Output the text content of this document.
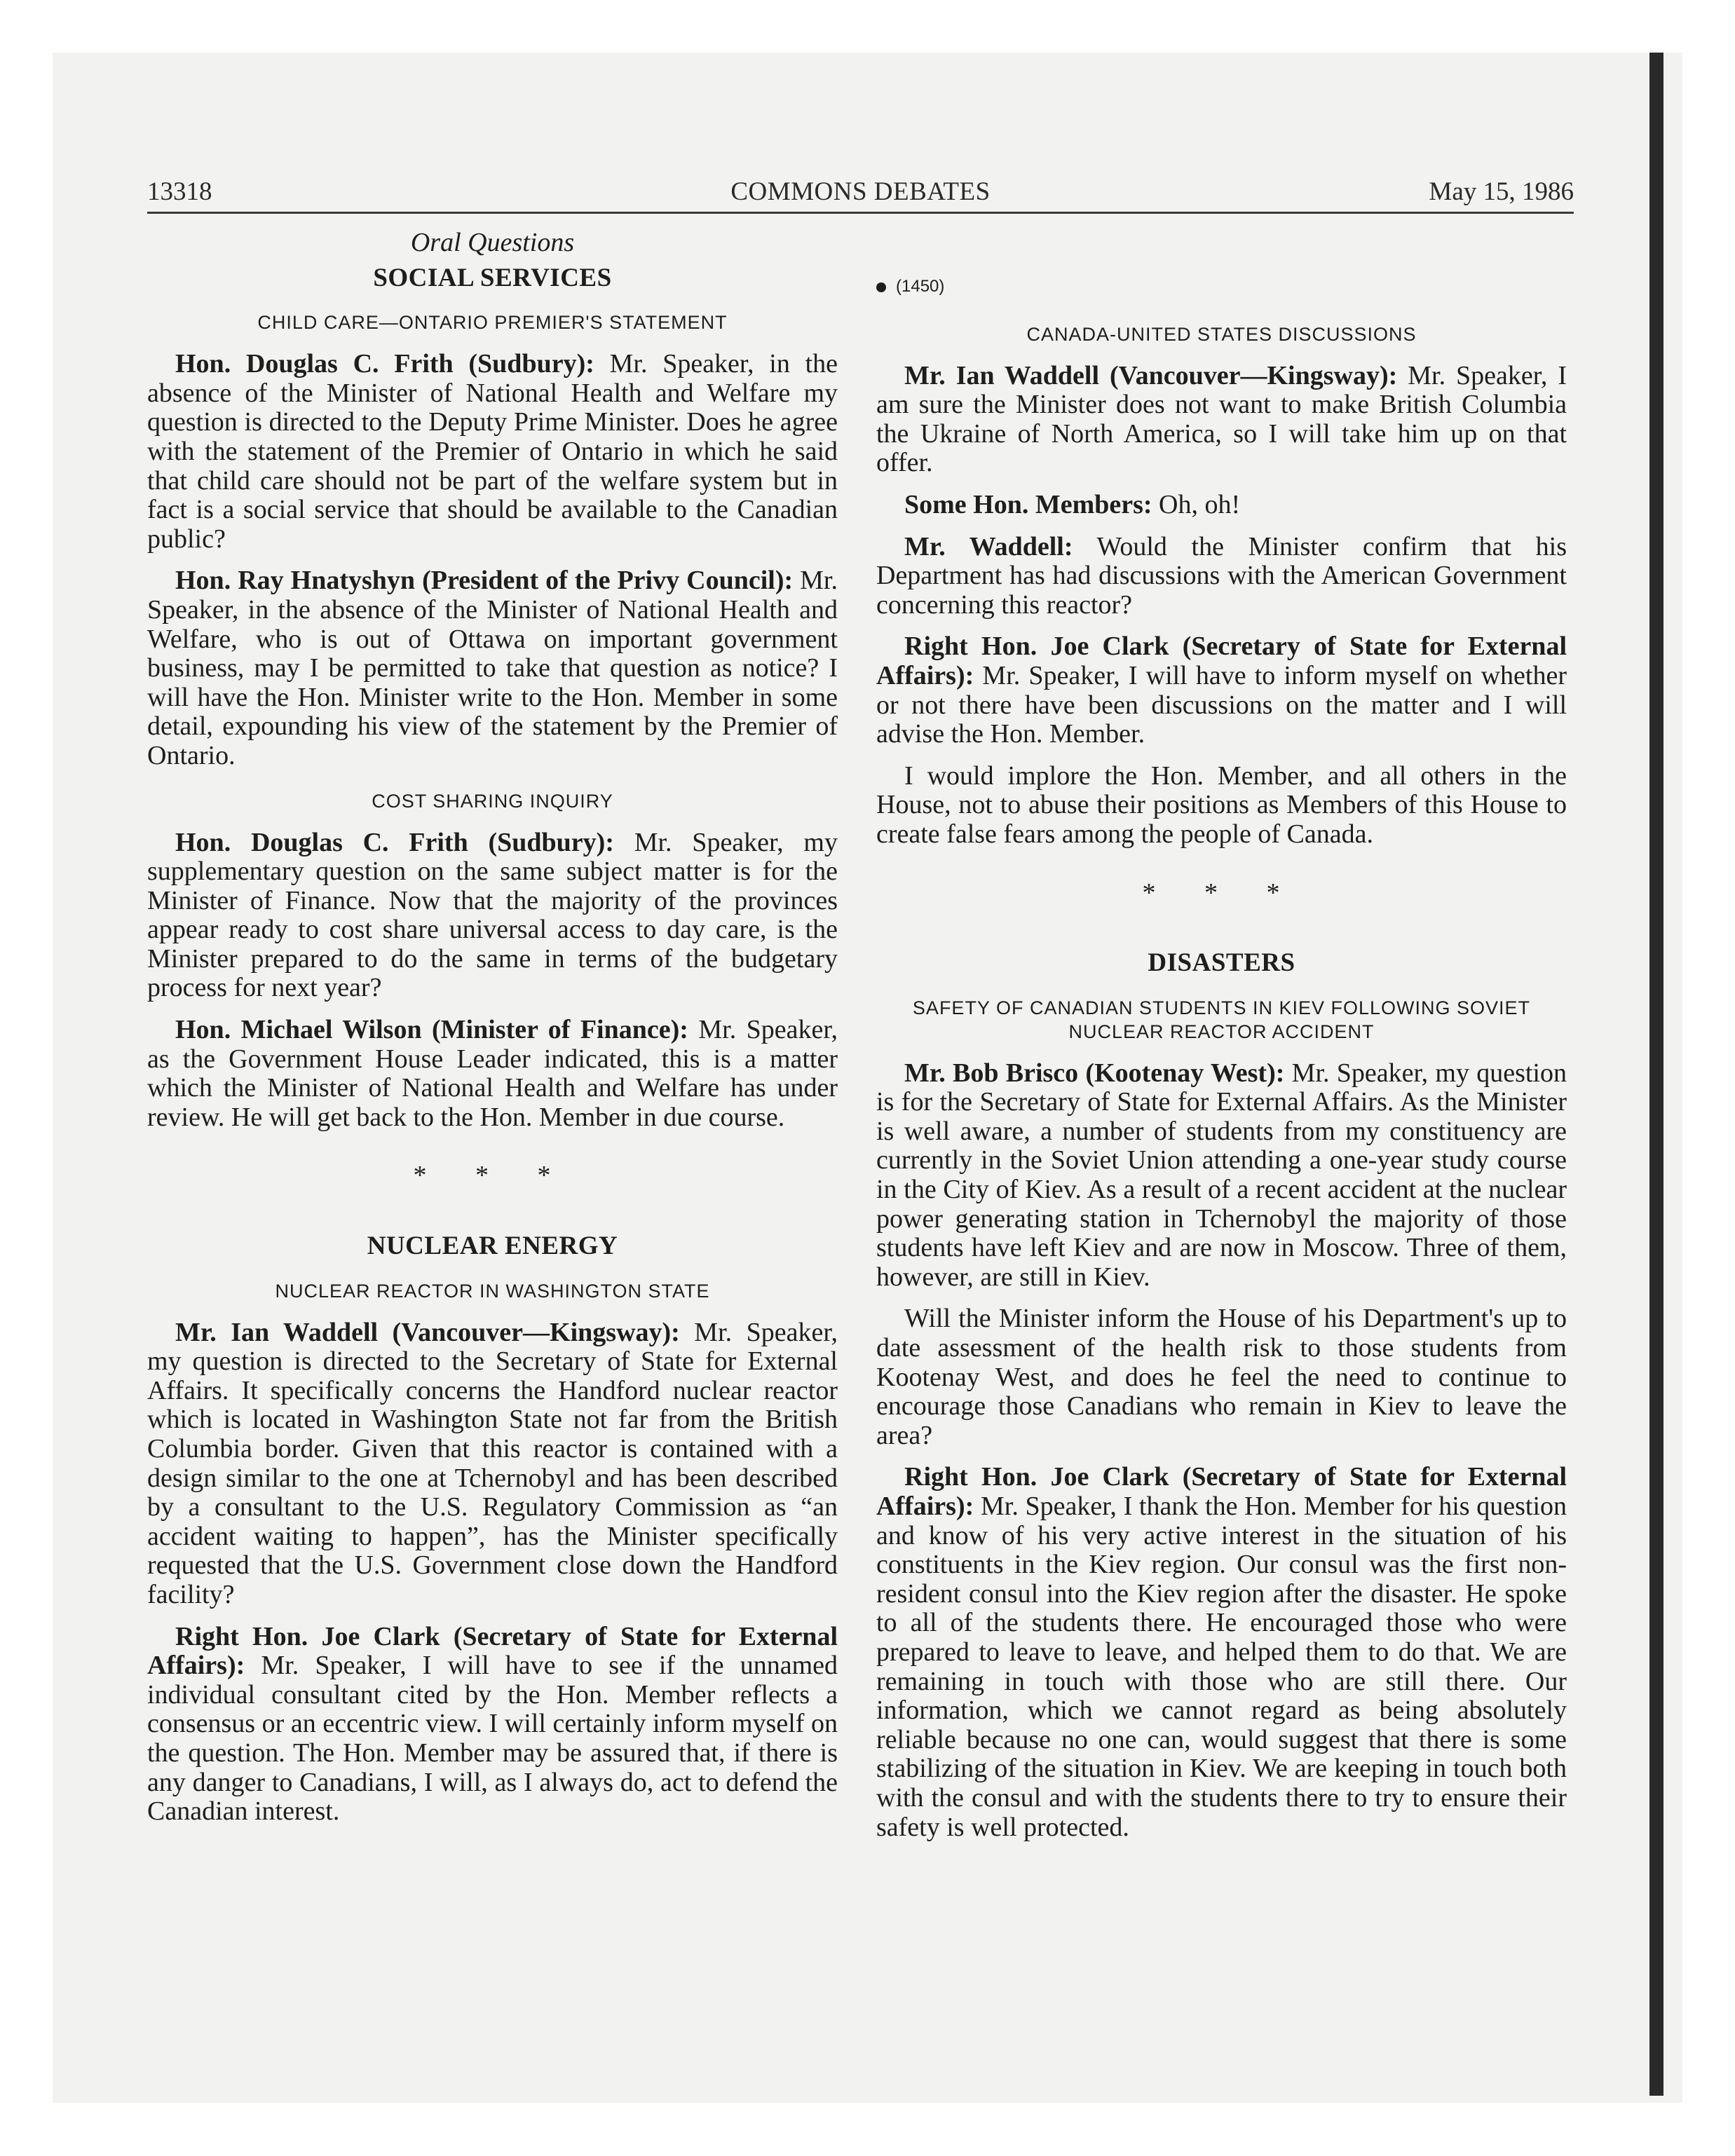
13318	COMMONS DEBATES	May 15, 1986
Oral Questions
SOCIAL SERVICES
CHILD CARE—ONTARIO PREMIER'S STATEMENT

Hon. Douglas C. Frith (Sudbury): Mr. Speaker, in the absence of the Minister of National Health and Welfare my question is directed to the Deputy Prime Minister. Does he agree with the statement of the Premier of Ontario in which he said that child care should not be part of the welfare system but in fact is a social service that should be available to the Canadian public?

Hon. Ray Hnatyshyn (President of the Privy Council): Mr. Speaker, in the absence of the Minister of National Health and Welfare, who is out of Ottawa on important government business, may I be permitted to take that question as notice? I will have the Hon. Minister write to the Hon. Member in some detail, expounding his view of the statement by the Premier of Ontario.

COST SHARING INQUIRY

Hon. Douglas C. Frith (Sudbury): Mr. Speaker, my supplementary question on the same subject matter is for the Minister of Finance. Now that the majority of the provinces appear ready to cost share universal access to day care, is the Minister prepared to do the same in terms of the budgetary process for next year?

Hon. Michael Wilson (Minister of Finance): Mr. Speaker, as the Government House Leader indicated, this is a matter which the Minister of National Health and Welfare has under review. He will get back to the Hon. Member in due course.

* * *
NUCLEAR ENERGY
NUCLEAR REACTOR IN WASHINGTON STATE

Mr. Ian Waddell (Vancouver—Kingsway): Mr. Speaker, my question is directed to the Secretary of State for External Affairs. It specifically concerns the Handford nuclear reactor which is located in Washington State not far from the British Columbia border. Given that this reactor is contained with a design similar to the one at Tchernobyl and has been described by a consultant to the U.S. Regulatory Commission as “an accident waiting to happen”, has the Minister specifically requested that the U.S. Government close down the Handford facility?

Right Hon. Joe Clark (Secretary of State for External Affairs): Mr. Speaker, I will have to see if the unnamed individual consultant cited by the Hon. Member reflects a consensus or an eccentric view. I will certainly inform myself on the question. The Hon. Member may be assured that, if there is any danger to Canadians, I will, as I always do, act to defend the Canadian interest.

(1450)
CANADA-UNITED STATES DISCUSSIONS

Mr. Ian Waddell (Vancouver—Kingsway): Mr. Speaker, I am sure the Minister does not want to make British Columbia the Ukraine of North America, so I will take him up on that offer.

Some Hon. Members: Oh, oh!

Mr. Waddell: Would the Minister confirm that his Department has had discussions with the American Government concerning this reactor?

Right Hon. Joe Clark (Secretary of State for External Affairs): Mr. Speaker, I will have to inform myself on whether or not there have been discussions on the matter and I will advise the Hon. Member.

I would implore the Hon. Member, and all others in the House, not to abuse their positions as Members of this House to create false fears among the people of Canada.

* * *
DISASTERS
SAFETY OF CANADIAN STUDENTS IN KIEV FOLLOWING SOVIET NUCLEAR REACTOR ACCIDENT

Mr. Bob Brisco (Kootenay West): Mr. Speaker, my question is for the Secretary of State for External Affairs. As the Minister is well aware, a number of students from my constituency are currently in the Soviet Union attending a one-year study course in the City of Kiev. As a result of a recent accident at the nuclear power generating station in Tchernobyl the majority of those students have left Kiev and are now in Moscow. Three of them, however, are still in Kiev.

Will the Minister inform the House of his Department's up to date assessment of the health risk to those students from Kootenay West, and does he feel the need to continue to encourage those Canadians who remain in Kiev to leave the area?

Right Hon. Joe Clark (Secretary of State for External Affairs): Mr. Speaker, I thank the Hon. Member for his question and know of his very active interest in the situation of his constituents in the Kiev region. Our consul was the first non-resident consul into the Kiev region after the disaster. He spoke to all of the students there. He encouraged those who were prepared to leave to leave, and helped them to do that. We are remaining in touch with those who are still there. Our information, which we cannot regard as being absolutely reliable because no one can, would suggest that there is some stabilizing of the situation in Kiev. We are keeping in touch both with the consul and with the students there to try to ensure their safety is well protected.
